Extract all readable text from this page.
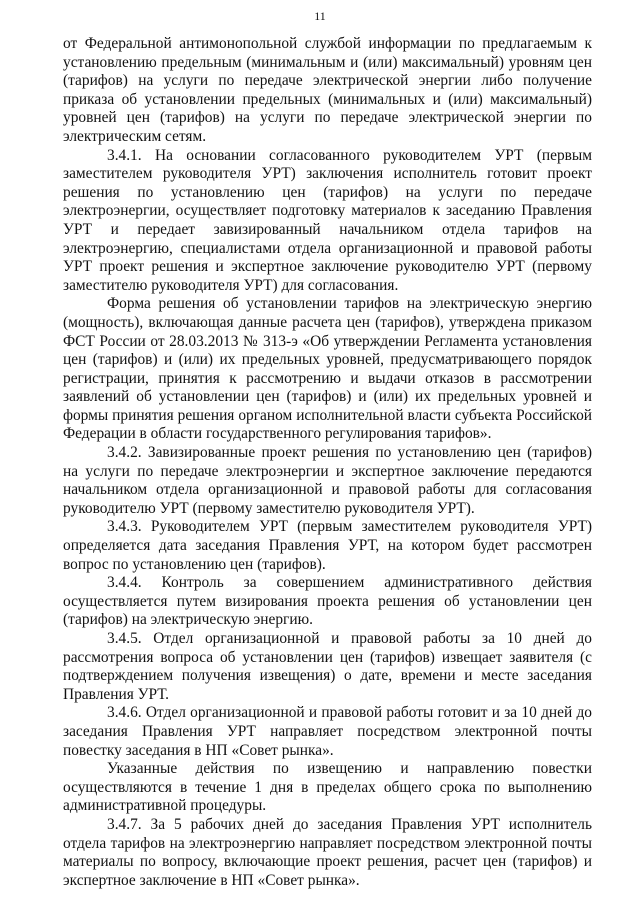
11

от Федеральной антимонопольной службой информации по предлагаемым к установлению предельным (минимальным и (или) максимальный) уровням цен (тарифов) на услуги по передаче электрической энергии либо получение приказа об установлении предельных (минимальных и (или) максимальный) уровней цен (тарифов) на услуги по передаче электрической энергии по электрическим сетям.

3.4.1. На основании согласованного руководителем УРТ (первым заместителем руководителя УРТ) заключения исполнитель готовит проект решения по установлению цен (тарифов) на услуги по передаче электроэнергии, осуществляет подготовку материалов к заседанию Правления УРТ и передает завизированный начальником отдела тарифов на электроэнергию, специалистами отдела организационной и правовой работы УРТ проект решения и экспертное заключение руководителю УРТ (первому заместителю руководителя УРТ) для согласования.

Форма решения об установлении тарифов на электрическую энергию (мощность), включающая данные расчета цен (тарифов), утверждена приказом ФСТ России от 28.03.2013 № 313-э «Об утверждении Регламента установления цен (тарифов) и (или) их предельных уровней, предусматривающего порядок регистрации, принятия к рассмотрению и выдачи отказов в рассмотрении заявлений об установлении цен (тарифов) и (или) их предельных уровней и формы принятия решения органом исполнительной власти субъекта Российской Федерации в области государственного регулирования тарифов».

3.4.2. Завизированные проект решения по установлению цен (тарифов) на услуги по передаче электроэнергии и экспертное заключение передаются начальником отдела организационной и правовой работы для согласования руководителю УРТ (первому заместителю руководителя УРТ).

3.4.3. Руководителем УРТ (первым заместителем руководителя УРТ) определяется дата заседания Правления УРТ, на котором будет рассмотрен вопрос по установлению цен (тарифов).

3.4.4. Контроль за совершением административного действия осуществляется путем визирования проекта решения об установлении цен (тарифов) на электрическую энергию.

3.4.5. Отдел организационной и правовой работы за 10 дней до рассмотрения вопроса об установлении цен (тарифов) извещает заявителя (с подтверждением получения извещения) о дате, времени и месте заседания Правления УРТ.

3.4.6. Отдел организационной и правовой работы готовит и за 10 дней до заседания Правления УРТ направляет посредством электронной почты повестку заседания в НП «Совет рынка».

Указанные действия по извещению и направлению повестки осуществляются в течение 1 дня в пределах общего срока по выполнению административной процедуры.

3.4.7. За 5 рабочих дней до заседания Правления УРТ исполнитель отдела тарифов на электроэнергию направляет посредством электронной почты материалы по вопросу, включающие проект решения, расчет цен (тарифов) и экспертное заключение в НП «Совет рынка».
